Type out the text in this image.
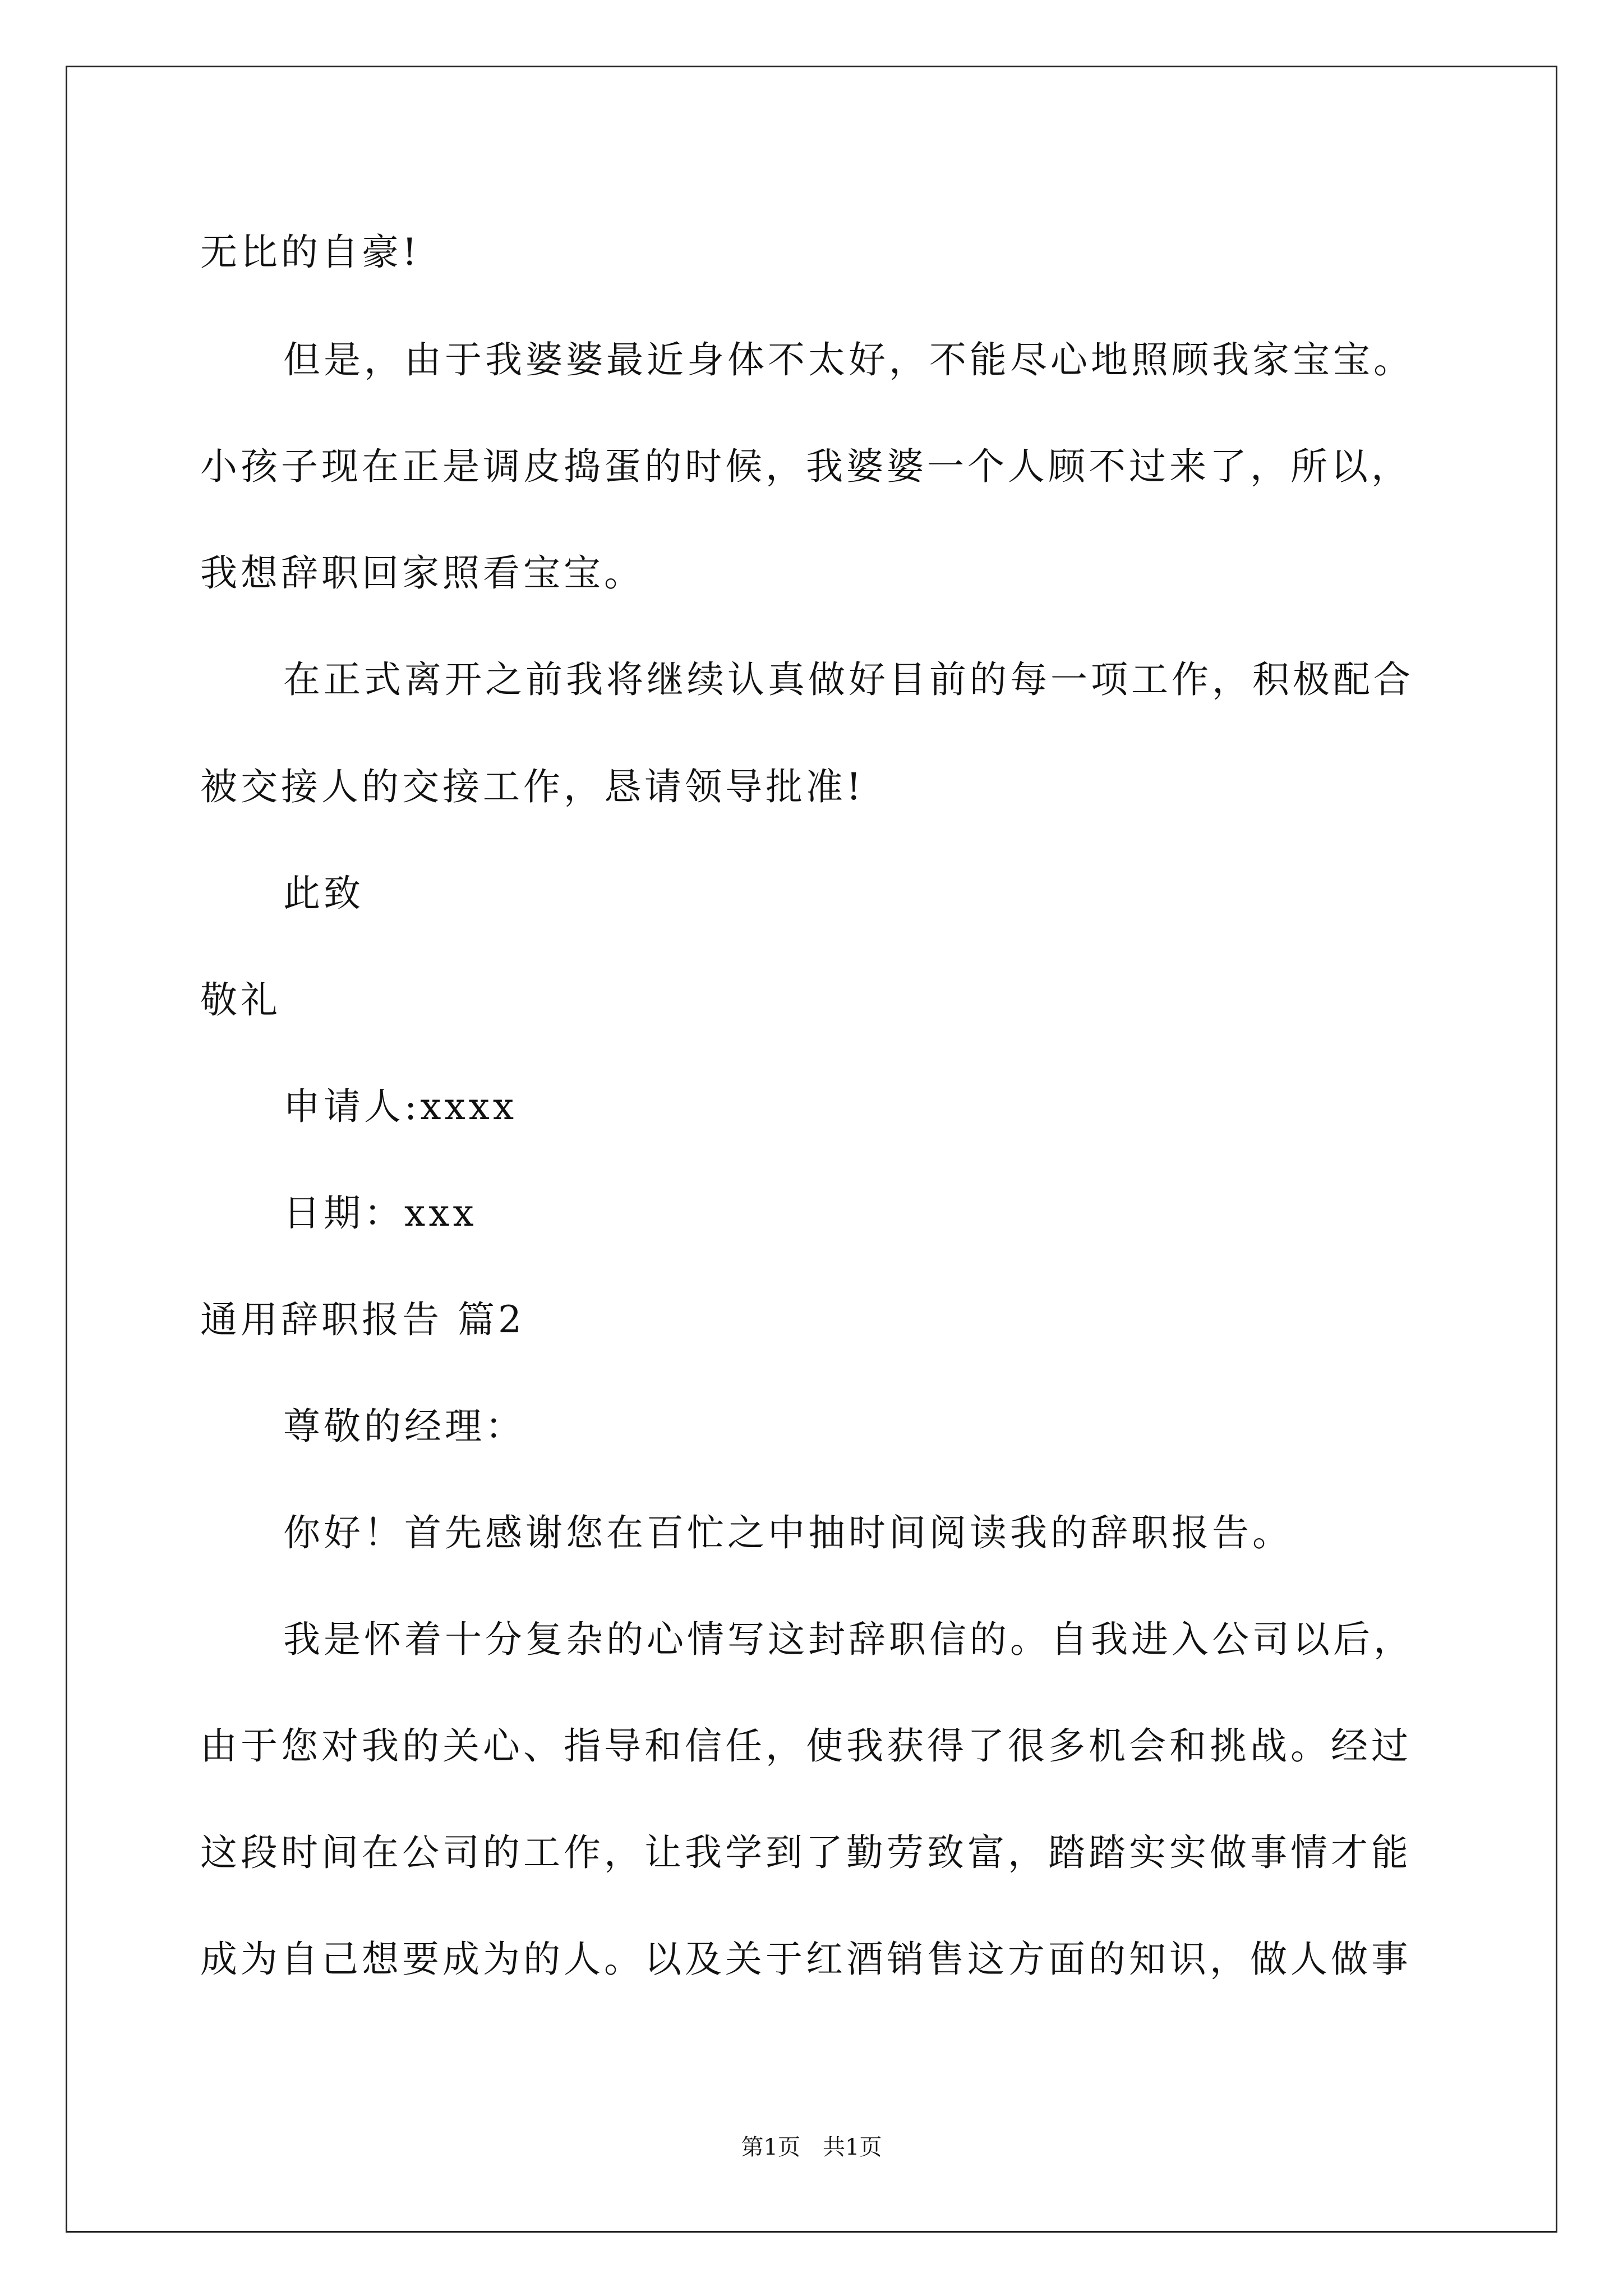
无比的自豪!
但是，由于我婆婆最近身体不太好，不能尽心地照顾我家宝宝。
小孩子现在正是调皮捣蛋的时候，我婆婆一个人顾不过来了，所以，
我想辞职回家照看宝宝。
在正式离开之前我将继续认真做好目前的每一项工作，积极配合
被交接人的交接工作，恳请领导批准!
此致
敬礼
申请人:xxxx
日期：xxx
通用辞职报告 篇2
尊敬的经理：
你好！首先感谢您在百忙之中抽时间阅读我的辞职报告。
我是怀着十分复杂的心情写这封辞职信的。自我进入公司以后，
由于您对我的关心、指导和信任，使我获得了很多机会和挑战。经过
这段时间在公司的工作，让我学到了勤劳致富，踏踏实实做事情才能
成为自己想要成为的人。以及关于红酒销售这方面的知识，做人做事
第1页　共1页
